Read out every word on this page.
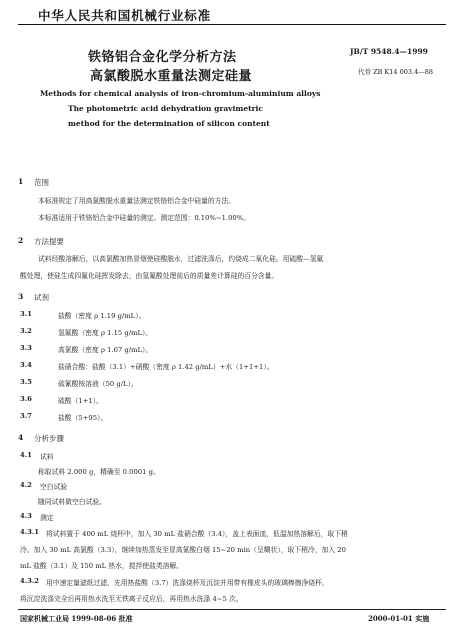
中华人民共和国机械行业标准
铁铬铝合金化学分析方法
高氯酸脱水重量法测定硅量
JB/T 9548.4—1999
代替 ZB K14 003.4—88
Methods for chemical analysis of iron-chromium-aluminium alloys
The photometric acid dehydration gravimetric
method for the determination of silicon content
1 范围
本标准规定了用高氯酸脱水重量法测定铁铬铝合金中硅量的方法。
本标准适用于铁铬铝合金中硅量的测定。测定范围：0.10%~1.00%。
2 方法提要
试料经酸溶解后，以高氯酸加热冒烟使硅酸脱水，过滤洗涤后，灼烧成二氧化硅。用硫酸—氢氟
酸处理，使硅生成四氟化硅挥发除去，由氢氟酸处理前后的质量差计算硅的百分含量。
3 试剂
3.1	盐酸（密度 ρ 1.19 g/mL）。
3.2	氢氟酸（密度 ρ 1.15 g/mL）。
3.3	高氯酸（密度 ρ 1.67 g/mL）。
3.4	盐硝合酸：盐酸（3.1）+硝酸（密度 ρ 1.42 g/mL）+水（1+1+1）。
3.5	硫氰酸铵溶液（50 g/L）。
3.6	硫酸（1+1）。
3.7	盐酸（5+95）。
4 分析步骤
4.1 试料
称取试料 2.000 g，精确至 0.0001 g。
4.2 空白试验
随同试料做空白试验。
4.3 测定
4.3.1 将试料置于 400 mL 烧杯中，加入 30 mL 盐硝合酸（3.4），盖上表面皿，低温加热溶解后，取下稍
冷。加入 30 mL 高氯酸（3.3），继续加热蒸发至冒高氯酸白烟 15~20 min（呈糊状），取下稍冷，加入 20
mL 盐酸（3.1）及 150 mL 热水，搅拌使盐类溶解。
4.3.2 用中速定量滤纸过滤，先用热盐酸（3.7）洗涤烧杯及沉淀并用带有橡皮头的玻璃棒擦净烧杯，
将沉淀洗涤完全后再用热水洗至无铁离子反应后，再用热水洗涤 4~5 次。
国家机械工业局 1999-08-06 批准	2000-01-01 实施
